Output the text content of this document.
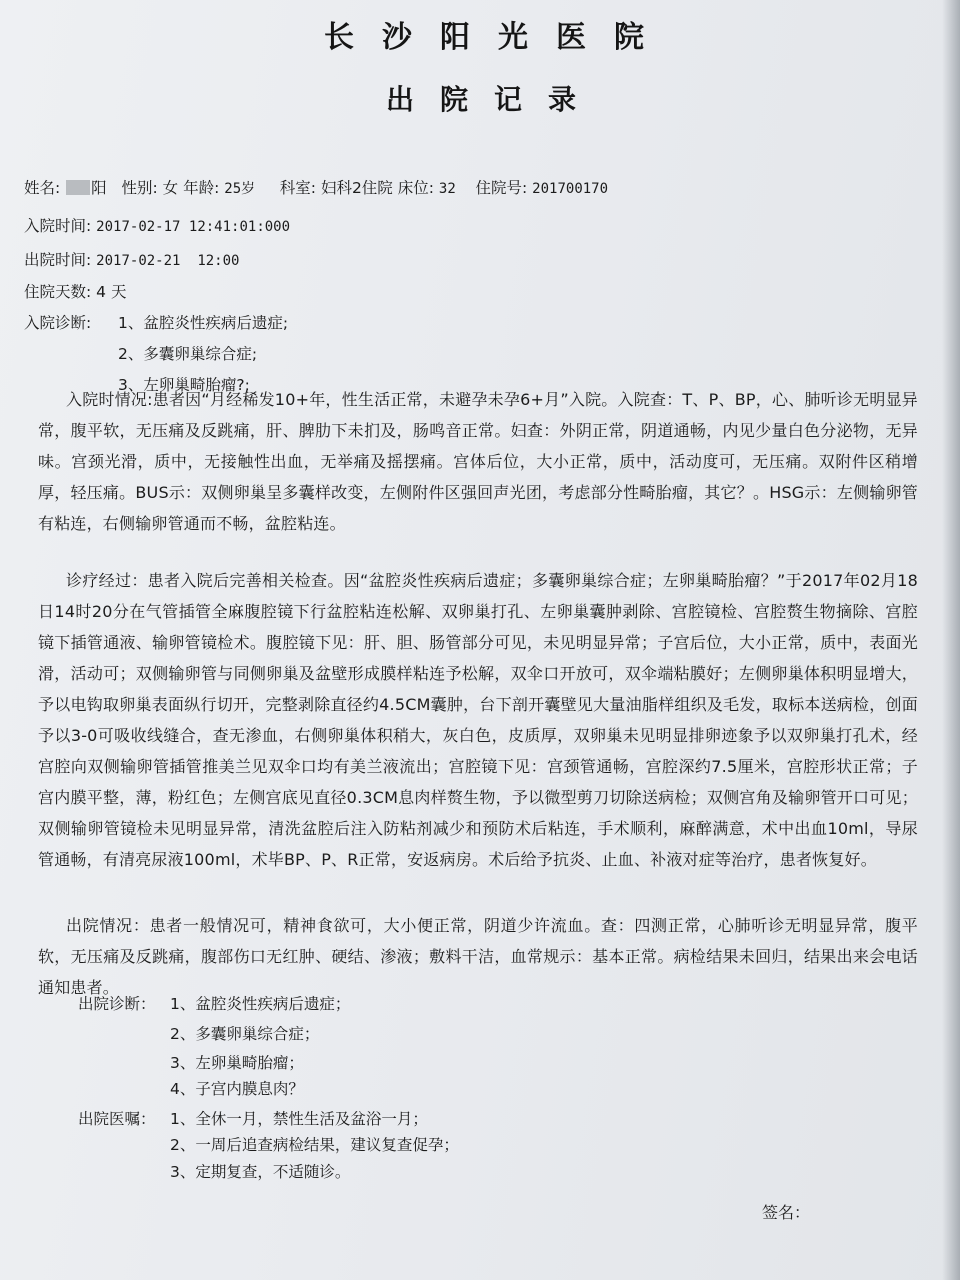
长沙阳光医院
出院记录
姓名: 阳 性别: 女 年龄: 25岁 科室: 妇科2住院 床位: 32 住院号: 201700170
入院时间: 2017-02-17 12:41:01:000
出院时间: 2017-02-21  12:00
住院天数: 4 天
入院诊断: 1、盆腔炎性疾病后遗症;
2、多囊卵巢综合症;
3、左卵巢畸胎瘤?;
入院时情况:患者因“月经稀发10+年，性生活正常，未避孕未孕6+月”入院。入院查：T、P、BP，心、肺听诊无明显异常，腹平软，无压痛及反跳痛，肝、脾肋下未扪及，肠鸣音正常。妇查：外阴正常，阴道通畅，内见少量白色分泌物，无异味。宫颈光滑，质中，无接触性出血，无举痛及摇摆痛。宫体后位，大小正常，质中，活动度可，无压痛。双附件区稍增厚，轻压痛。BUS示：双侧卵巢呈多囊样改变，左侧附件区强回声光团，考虑部分性畸胎瘤，其它？。HSG示：左侧输卵管有粘连，右侧输卵管通而不畅，盆腔粘连。
诊疗经过：患者入院后完善相关检查。因“盆腔炎性疾病后遗症；多囊卵巢综合症；左卵巢畸胎瘤？”于2017年02月18日14时20分在气管插管全麻腹腔镜下行盆腔粘连松解、双卵巢打孔、左卵巢囊肿剥除、宫腔镜检、宫腔赘生物摘除、宫腔镜下插管通液、输卵管镜检术。腹腔镜下见：肝、胆、肠管部分可见，未见明显异常；子宫后位，大小正常，质中，表面光滑，活动可；双侧输卵管与同侧卵巢及盆壁形成膜样粘连予松解，双伞口开放可，双伞端粘膜好；左侧卵巢体积明显增大，予以电钩取卵巢表面纵行切开，完整剥除直径约4.5CM囊肿，台下剖开囊壁见大量油脂样组织及毛发，取标本送病检，创面予以3-0可吸收线缝合，查无渗血，右侧卵巢体积稍大，灰白色，皮质厚，双卵巢未见明显排卵迹象予以双卵巢打孔术，经宫腔向双侧输卵管插管推美兰见双伞口均有美兰液流出；宫腔镜下见：宫颈管通畅，宫腔深约7.5厘米，宫腔形状正常；子宫内膜平整，薄，粉红色；左侧宫底见直径0.3CM息肉样赘生物，予以微型剪刀切除送病检；双侧宫角及输卵管开口可见；双侧输卵管镜检未见明显异常，清洗盆腔后注入防粘剂减少和预防术后粘连，手术顺利，麻醉满意，术中出血10ml，导尿管通畅，有清亮尿液100ml，术毕BP、P、R正常，安返病房。术后给予抗炎、止血、补液对症等治疗，患者恢复好。
出院情况：患者一般情况可，精神食欲可，大小便正常，阴道少许流血。查：四测正常，心肺听诊无明显异常，腹平软，无压痛及反跳痛，腹部伤口无红肿、硬结、渗液；敷料干洁，血常规示：基本正常。病检结果未回归，结果出来会电话通知患者。
出院诊断： 1、盆腔炎性疾病后遗症；
2、多囊卵巢综合症；
3、左卵巢畸胎瘤；
4、子宫内膜息肉？
出院医嘱： 1、全休一月，禁性生活及盆浴一月；
2、一周后追查病检结果，建议复查促孕；
3、定期复查，不适随诊。
签名：
